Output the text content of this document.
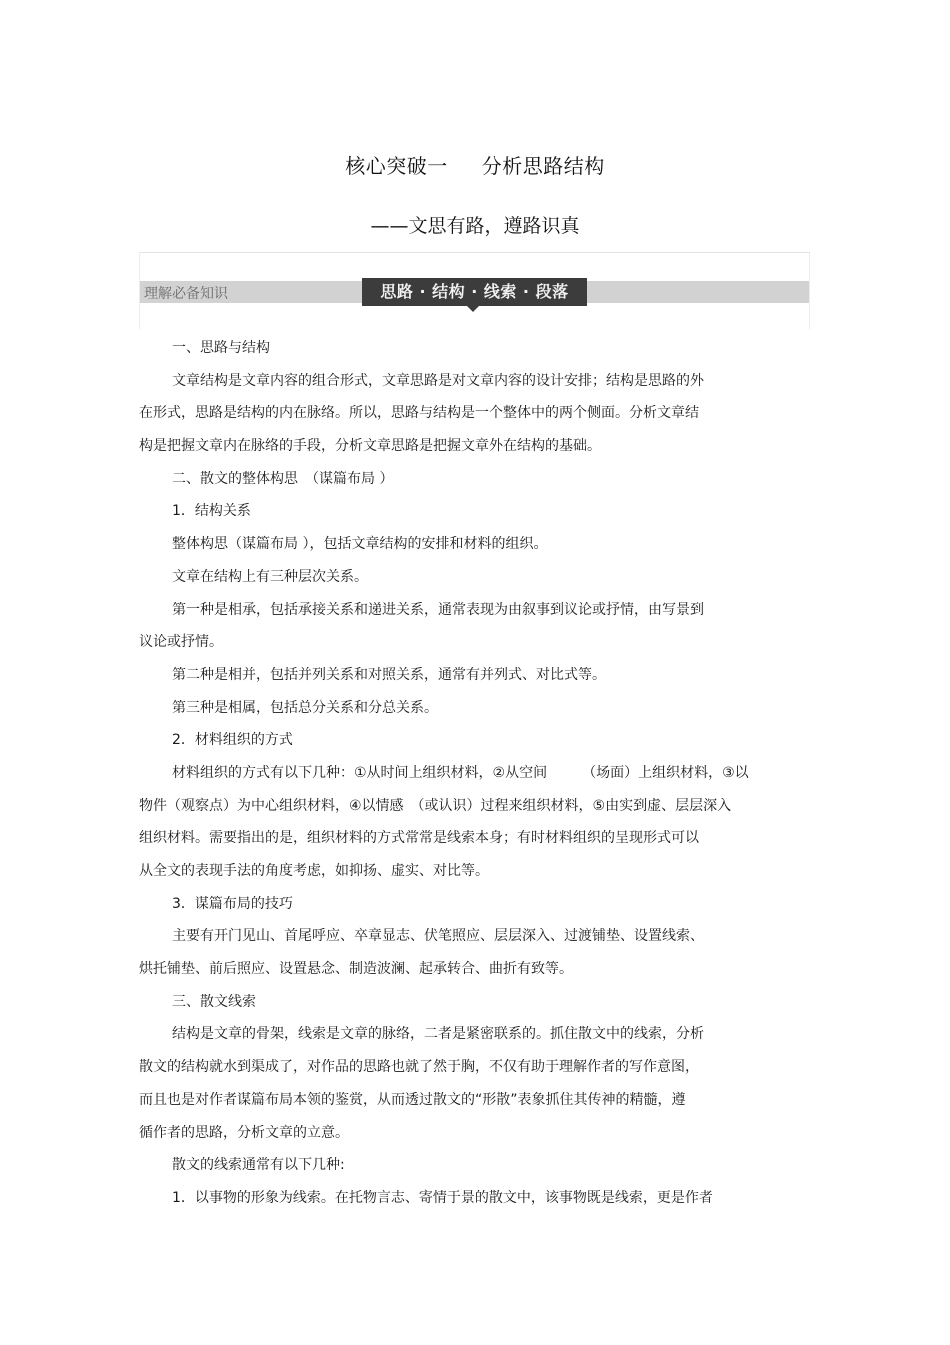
核心突破一 分析思路结构
——文思有路，遵路识真
理解必备知识	思路 · 结构 · 线索 · 段落
一、思路与结构
文章结构是文章内容的组合形式，文章思路是对文章内容的设计安排；结构是思路的外
在形式，思路是结构的内在脉络。所以，思路与结构是一个整体中的两个侧面。分析文章结
构是把握文章内在脉络的手段，分析文章思路是把握文章外在结构的基础。
二、散文的整体构思　（谋篇布局 ）
1．结构关系
整体构思（谋篇布局 ），包括文章结构的安排和材料的组织。
文章在结构上有三种层次关系。
第一种是相承，包括承接关系和递进关系，通常表现为由叙事到议论或抒情，由写景到
议论或抒情。
第二种是相并，包括并列关系和对照关系，通常有并列式、对比式等。
第三种是相属，包括总分关系和分总关系。
2．材料组织的方式
材料组织的方式有以下几种：①从时间上组织材料，②从空间　　　（场面）上组织材料，③以
物件（观察点）为中心组织材料，④以情感　（或认识）过程来组织材料，⑤由实到虚、层层深入
组织材料。需要指出的是，组织材料的方式常常是线索本身；有时材料组织的呈现形式可以
从全文的表现手法的角度考虑，如抑扬、虚实、对比等。
3．谋篇布局的技巧
主要有开门见山、首尾呼应、卒章显志、伏笔照应、层层深入、过渡铺垫、设置线索、
烘托铺垫、前后照应、设置悬念、制造波澜、起承转合、曲折有致等。
三、散文线索
结构是文章的骨架，线索是文章的脉络，二者是紧密联系的。抓住散文中的线索，分析
散文的结构就水到渠成了，对作品的思路也就了然于胸，不仅有助于理解作者的写作意图，
而且也是对作者谋篇布局本领的鉴赏，从而透过散文的“形散”表象抓住其传神的精髓，遵
循作者的思路，分析文章的立意。
散文的线索通常有以下几种:
1．以事物的形象为线索。在托物言志、寄情于景的散文中，该事物既是线索，更是作者
